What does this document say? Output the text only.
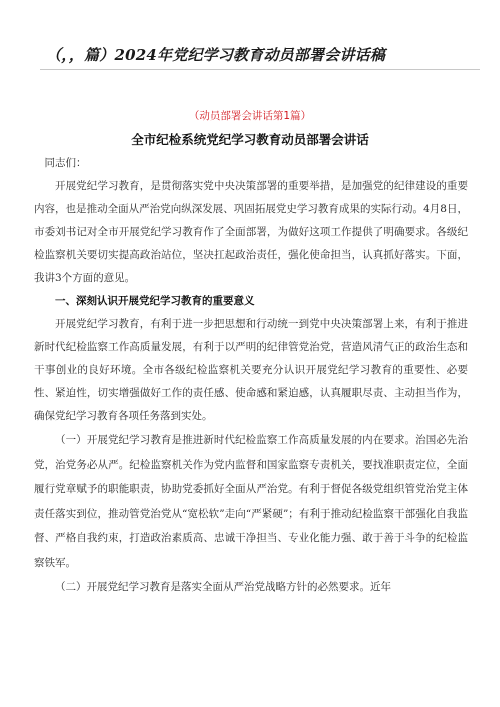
（，，篇）2024年党纪学习教育动员部署会讲话稿
（动员部署会讲话第1篇）
全市纪检系统党纪学习教育动员部署会讲话

同志们：

开展党纪学习教育，是贯彻落实党中央决策部署的重要举措，是加强党的纪律建设的重要内容，也是推动全面从严治党向纵深发展、巩固拓展党史学习教育成果的实际行动。4月8日，市委刘书记对全市开展党纪学习教育作了全面部署，为做好这项工作提供了明确要求。各级纪检监察机关要切实提高政治站位，坚决扛起政治责任，强化使命担当，认真抓好落实。下面，我讲3个方面的意见。

一、深刻认识开展党纪学习教育的重要意义

开展党纪学习教育，有利于进一步把思想和行动统一到党中央决策部署上来，有利于推进新时代纪检监察工作高质量发展，有利于以严明的纪律管党治党，营造风清气正的政治生态和干事创业的良好环境。全市各级纪检监察机关要充分认识开展党纪学习教育的重要性、必要性、紧迫性，切实增强做好工作的责任感、使命感和紧迫感，认真履职尽责、主动担当作为，确保党纪学习教育各项任务落到实处。

（一）开展党纪学习教育是推进新时代纪检监察工作高质量发展的内在要求。治国必先治党，治党务必从严。纪检监察机关作为党内监督和国家监察专责机关，要找准职责定位，全面履行党章赋予的职能职责，协助党委抓好全面从严治党。有利于督促各级党组织管党治党主体责任落实到位，推动管党治党从“宽松软”走向“严紧硬”；有利于推动纪检监察干部强化自我监督、严格自我约束，打造政治素质高、忠诚干净担当、专业化能力强、敢于善于斗争的纪检监察铁军。

（二）开展党纪学习教育是落实全面从严治党战略方针的必然要求。近年
